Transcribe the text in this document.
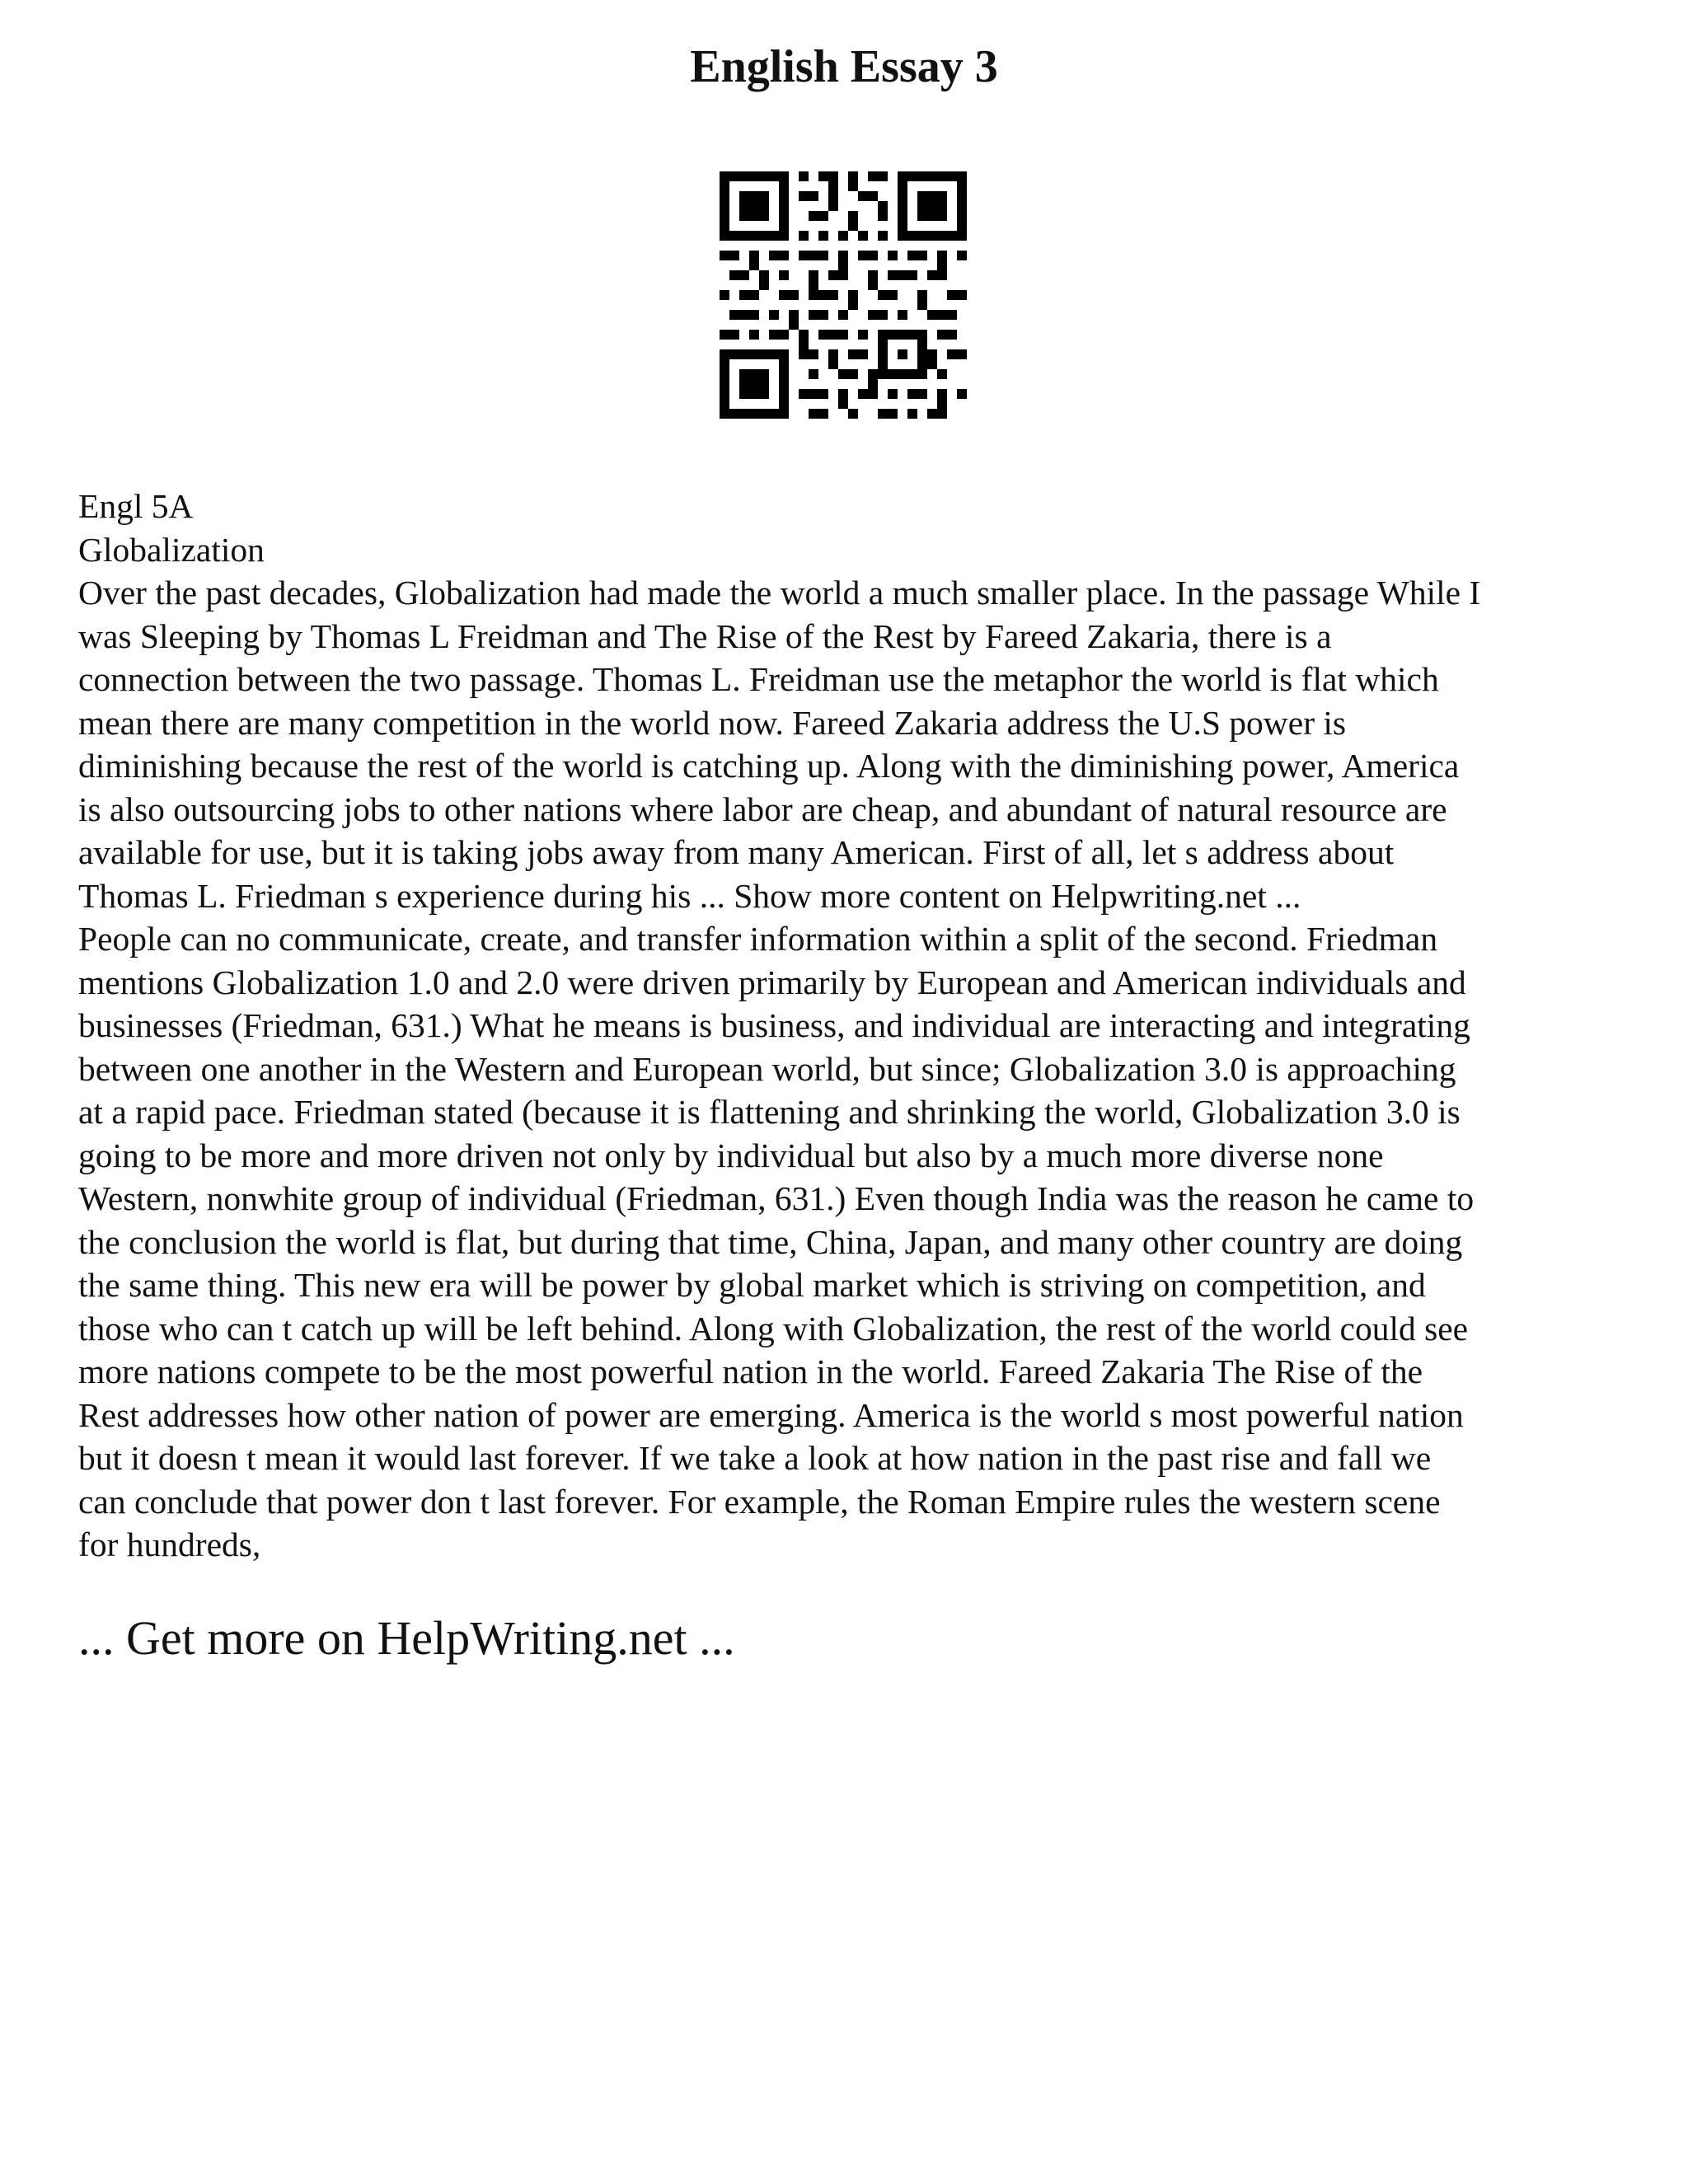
English Essay 3
Engl 5A
Globalization
Over the past decades, Globalization had made the world a much smaller place. In the passage While I
was Sleeping by Thomas L Freidman and The Rise of the Rest by Fareed Zakaria, there is a
connection between the two passage. Thomas L. Freidman use the metaphor the world is flat which
mean there are many competition in the world now. Fareed Zakaria address the U.S power is
diminishing because the rest of the world is catching up. Along with the diminishing power, America
is also outsourcing jobs to other nations where labor are cheap, and abundant of natural resource are
available for use, but it is taking jobs away from many American. First of all, let s address about
Thomas L. Friedman s experience during his ... Show more content on Helpwriting.net ...
People can no communicate, create, and transfer information within a split of the second. Friedman
mentions Globalization 1.0 and 2.0 were driven primarily by European and American individuals and
businesses (Friedman, 631.) What he means is business, and individual are interacting and integrating
between one another in the Western and European world, but since; Globalization 3.0 is approaching
at a rapid pace. Friedman stated (because it is flattening and shrinking the world, Globalization 3.0 is
going to be more and more driven not only by individual but also by a much more diverse none
Western, nonwhite group of individual (Friedman, 631.) Even though India was the reason he came to
the conclusion the world is flat, but during that time, China, Japan, and many other country are doing
the same thing. This new era will be power by global market which is striving on competition, and
those who can t catch up will be left behind. Along with Globalization, the rest of the world could see
more nations compete to be the most powerful nation in the world. Fareed Zakaria The Rise of the
Rest addresses how other nation of power are emerging. America is the world s most powerful nation
but it doesn t mean it would last forever. If we take a look at how nation in the past rise and fall we
can conclude that power don t last forever. For example, the Roman Empire rules the western scene
for hundreds,
... Get more on HelpWriting.net ...
